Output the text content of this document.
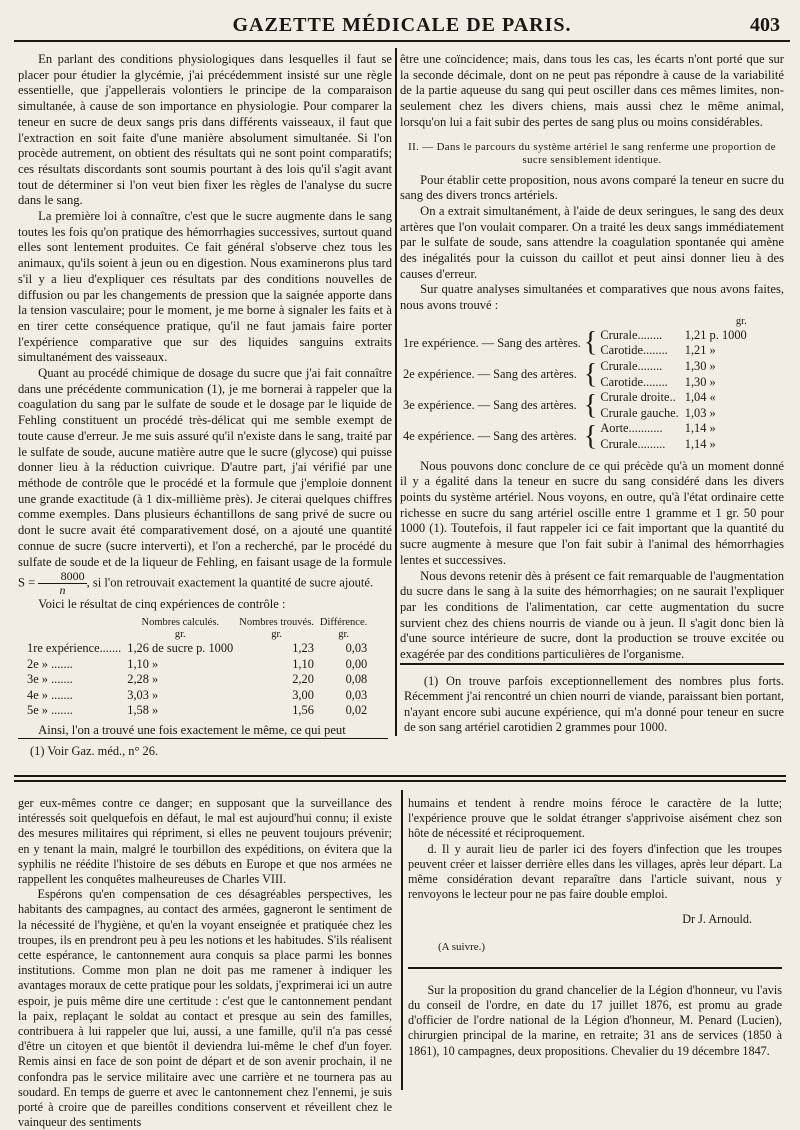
GAZETTE MÉDICALE DE PARIS.	403

En parlant des conditions physiologiques dans lesquelles il faut se placer pour étudier la glycémie, j'ai précédemment insisté sur une règle essentielle, que j'appellerais volontiers le principe de la comparaison simultanée, à cause de son importance en physiologie. Pour comparer la teneur en sucre de deux sangs pris dans différents vaisseaux, il faut que l'extraction en soit faite d'une manière absolument simultanée. Si l'on procède autrement, on obtient des résultats qui ne sont point comparatifs; ces résultats discordants sont soumis pourtant à des lois qu'il s'agit avant tout de déterminer si l'on veut bien fixer les règles de l'analyse du sucre dans le sang.

La première loi à connaître, c'est que le sucre augmente dans le sang toutes les fois qu'on pratique des hémorrhagies successives, surtout quand elles sont lentement produites. Ce fait général s'observe chez tous les animaux, qu'ils soient à jeun ou en digestion. Nous examinerons plus tard s'il y a lieu d'expliquer ces résultats par des conditions nouvelles de diffusion ou par les changements de pression que la saignée apporte dans la tension vasculaire; pour le moment, je me borne à signaler les faits et à en tirer cette conséquence pratique, qu'il ne faut jamais faire porter l'expérience comparative que sur des liquides sanguins extraits simultanément des vaisseaux.

Quant au procédé chimique de dosage du sucre que j'ai fait connaître dans une précédente communication (1), je me bornerai à rappeler que la coagulation du sang par le sulfate de soude et le dosage par le liquide de Fehling constituent un procédé très-délicat qui me semble exempt de toute cause d'erreur. Je me suis assuré qu'il n'existe dans le sang, traité par le sulfate de soude, aucune matière autre que le sucre (glycose) qui puisse donner lieu à la réduction cuivrique. D'autre part, j'ai vérifié par une méthode de contrôle que le procédé et la formule que j'emploie donnent une grande exactitude (à 1 dix-millième près). Je citerai quelques chiffres comme exemples. Dans plusieurs échantillons de sang privé de sucre ou dont le sucre avait été comparativement dosé, on a ajouté une quantité connue de sucre (sucre interverti), et l'on a recherché, par le procédé du sulfate de soude et de la liqueur de Fehling, en faisant usage de la formule $S = \frac{8000}{n}$, si l'on retrouvait exactement la quantité de sucre ajouté.

Voici le résultat de cinq expériences de contrôle :

	Nombres calculés.	Nombres trouvés.	Différence.
	gr.	gr.	gr.
1re expérience.......	1,26 de sucre p. 1000	1,23	0,03
2e » .......	1,10 »	1,10	0,00
3e » .......	2,28 »	2,20	0,08
4e » .......	3,03 »	3,00	0,03
5e » .......	1,58 »	1,56	0,02

Ainsi, l'on a trouvé une fois exactement le même, ce qui peut

(1) Voir Gaz. méd., n° 26.

être une coïncidence; mais, dans tous les cas, les écarts n'ont porté que sur la seconde décimale, dont on ne peut pas répondre à cause de la variabilité de la partie aqueuse du sang qui peut osciller dans ces mêmes limites, non-seulement chez les divers chiens, mais aussi chez le même animal, lorsqu'on lui a fait subir des pertes de sang plus ou moins considérables.

II. — Dans le parcours du système artériel le sang renferme une proportion de sucre sensiblement identique.

Pour établir cette proposition, nous avons comparé la teneur en sucre du sang des divers troncs artériels.

On a extrait simultanément, à l'aide de deux seringues, le sang des deux artères que l'on voulait comparer. On a traité les deux sangs immédiatement par le sulfate de soude, sans attendre la coagulation spontanée qui amène des inégalités pour la cuisson du caillot et peut ainsi donner lieu à des causes d'erreur.

Sur quatre analyses simultanées et comparatives que nous avons faites, nous avons trouvé :

			gr.
1re expérience. — Sang des artères.	{	Crurale........	1,21 p. 1000
		Carotide........	1,21 »
2e expérience. — Sang des artères.	{	Crurale........	1,30 »
		Carotide........	1,30 »
3e expérience. — Sang des artères.	{	Crurale droite..	1,04 «
		Crurale gauche.	1,03 »
4e expérience. — Sang des artères.	{	Aorte...........	1,14 »
		Crurale.........	1,14 »

Nous pouvons donc conclure de ce qui précède qu'à un moment donné il y a égalité dans la teneur en sucre du sang considéré dans les divers points du système artériel. Nous voyons, en outre, qu'à l'état ordinaire cette richesse en sucre du sang artériel oscille entre 1 gramme et 1 gr. 50 pour 1000 (1). Toutefois, il faut rappeler ici ce fait important que la quantité du sucre augmente à mesure que l'on fait subir à l'animal des hémorrhagies lentes et successives.

Nous devons retenir dès à présent ce fait remarquable de l'augmentation du sucre dans le sang à la suite des hémorrhagies; on ne saurait l'expliquer par les conditions de l'alimentation, car cette augmentation du sucre survient chez des chiens nourris de viande ou à jeun. Il s'agit donc bien là d'une source intérieure de sucre, dont la production se trouve excitée ou exagérée par des conditions particulières de l'organisme.

(1) On trouve parfois exceptionnellement des nombres plus forts. Récemment j'ai rencontré un chien nourri de viande, paraissant bien portant, n'ayant encore subi aucune expérience, qui m'a donné pour teneur en sucre de son sang artériel carotidien 2 grammes pour 1000.

ger eux-mêmes contre ce danger; en supposant que la surveillance des intéressés soit quelquefois en défaut, le mal est aujourd'hui connu; il existe des mesures militaires qui répriment, si elles ne peuvent toujours prévenir; en y tenant la main, malgré le tourbillon des expéditions, on évitera que la syphilis ne réédite l'histoire de ses débuts en Europe et que nos armées ne rappellent les conquêtes malheureuses de Charles VIII.

Espérons qu'en compensation de ces désagréables perspectives, les habitants des campagnes, au contact des armées, gagneront le sentiment de la nécessité de l'hygiène, et qu'en la voyant enseignée et pratiquée chez les troupes, ils en prendront peu à peu les notions et les habitudes. S'ils réalisent cette espérance, le cantonnement aura conquis sa place parmi les bonnes institutions. Comme mon plan ne doit pas me ramener à indiquer les avantages moraux de cette pratique pour les soldats, j'exprimerai ici un autre espoir, je puis même dire une certitude : c'est que le cantonnement pendant la paix, replaçant le soldat au contact et presque au sein des familles, contribuera à lui rappeler que lui, aussi, a une famille, qu'il n'a pas cessé d'être un citoyen et que bientôt il deviendra lui-même le chef d'un foyer. Remis ainsi en face de son point de départ et de son avenir prochain, il ne confondra pas le service militaire avec une carrière et ne tournera pas au soudard. En temps de guerre et avec le cantonnement chez l'ennemi, je suis porté à croire que de pareilles conditions conservent et réveillent chez le vainqueur des sentiments

humains et tendent à rendre moins féroce le caractère de la lutte; l'expérience prouve que le soldat étranger s'apprivoise aisément chez son hôte de nécessité et réciproquement.

d. Il y aurait lieu de parler ici des foyers d'infection que les troupes peuvent créer et laisser derrière elles dans les villages, après leur départ. La même considération devant reparaître dans l'article suivant, nous y renvoyons le lecteur pour ne pas faire double emploi.

Dr J. Arnould.
(A suivre.)

Sur la proposition du grand chancelier de la Légion d'honneur, vu l'avis du conseil de l'ordre, en date du 17 juillet 1876, est promu au grade d'officier de l'ordre national de la Légion d'honneur, M. Penard (Lucien), chirurgien principal de la marine, en retraite; 31 ans de services (1850 à 1861), 10 campagnes, deux propositions. Chevalier du 19 décembre 1847.
